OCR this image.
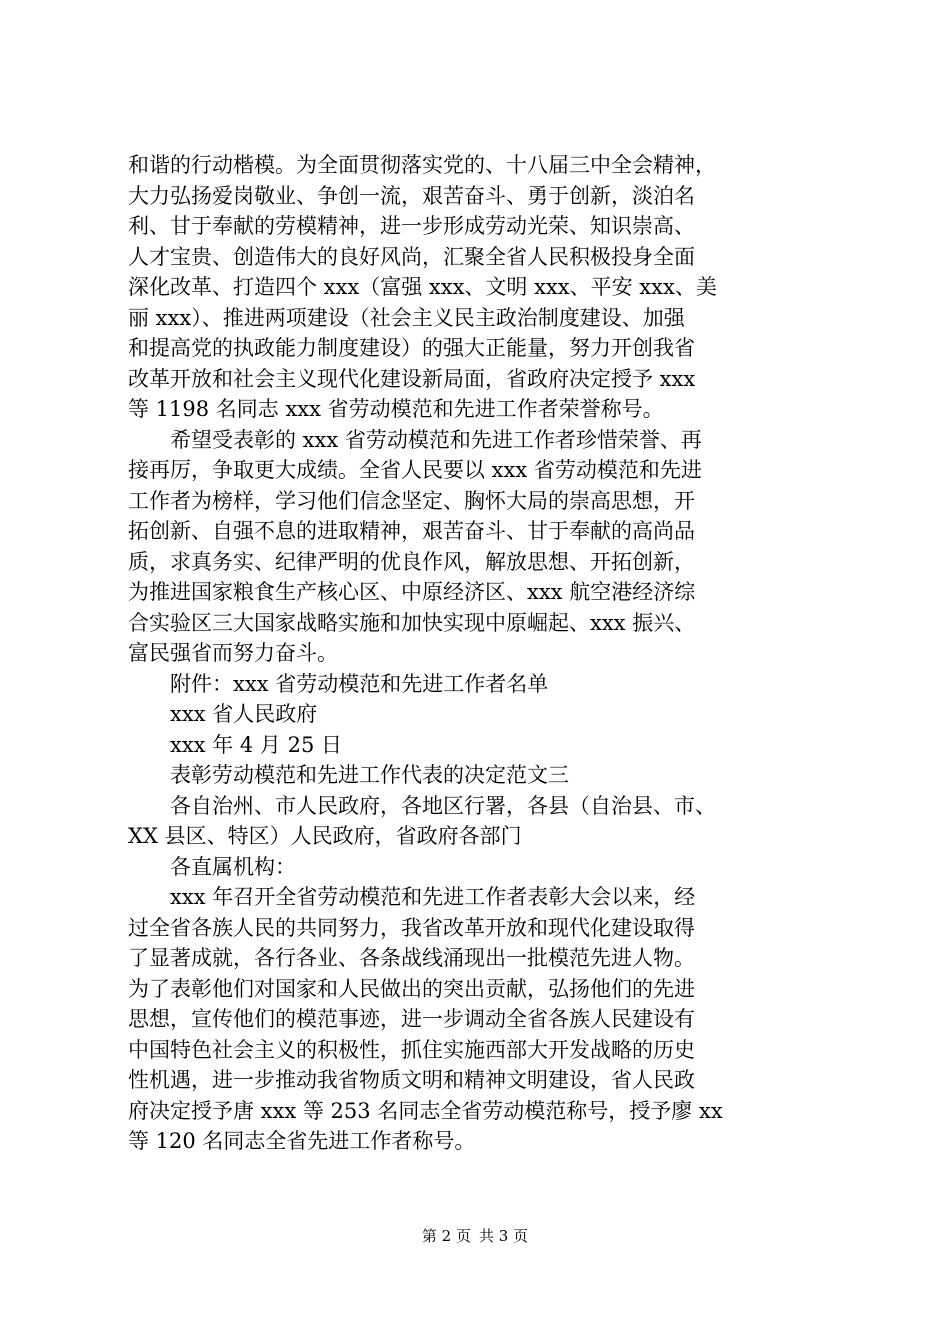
和谐的行动楷模。为全面贯彻落实党的、十八届三中全会精神，
大力弘扬爱岗敬业、争创一流，艰苦奋斗、勇于创新，淡泊名
利、甘于奉献的劳模精神，进一步形成劳动光荣、知识崇高、
人才宝贵、创造伟大的良好风尚，汇聚全省人民积极投身全面
深化改革、打造四个 xxx（富强 xxx、文明 xxx、平安 xxx、美
丽 xxx）、推进两项建设（社会主义民主政治制度建设、加强
和提高党的执政能力制度建设）的强大正能量，努力开创我省
改革开放和社会主义现代化建设新局面，省政府决定授予 xxx
等 1198 名同志 xxx 省劳动模范和先进工作者荣誉称号。
　　希望受表彰的 xxx 省劳动模范和先进工作者珍惜荣誉、再
接再厉，争取更大成绩。全省人民要以 xxx 省劳动模范和先进
工作者为榜样，学习他们信念坚定、胸怀大局的崇高思想，开
拓创新、自强不息的进取精神，艰苦奋斗、甘于奉献的高尚品
质，求真务实、纪律严明的优良作风，解放思想、开拓创新，
为推进国家粮食生产核心区、中原经济区、xxx 航空港经济综
合实验区三大国家战略实施和加快实现中原崛起、xxx 振兴、
富民强省而努力奋斗。
　　附件：xxx 省劳动模范和先进工作者名单
　　xxx 省人民政府
　　xxx 年 4 月 25 日
　　表彰劳动模范和先进工作代表的决定范文三
　　各自治州、市人民政府，各地区行署，各县（自治县、市、
XX 县区、特区）人民政府，省政府各部门
　　各直属机构：
　　xxx 年召开全省劳动模范和先进工作者表彰大会以来，经
过全省各族人民的共同努力，我省改革开放和现代化建设取得
了显著成就，各行各业、各条战线涌现出一批模范先进人物。
为了表彰他们对国家和人民做出的突出贡献，弘扬他们的先进
思想，宣传他们的模范事迹，进一步调动全省各族人民建设有
中国特色社会主义的积极性，抓住实施西部大开发战略的历史
性机遇，进一步推动我省物质文明和精神文明建设，省人民政
府决定授予唐 xxx 等 253 名同志全省劳动模范称号，授予廖 xx
等 120 名同志全省先进工作者称号。
第 2 页 共 3 页
